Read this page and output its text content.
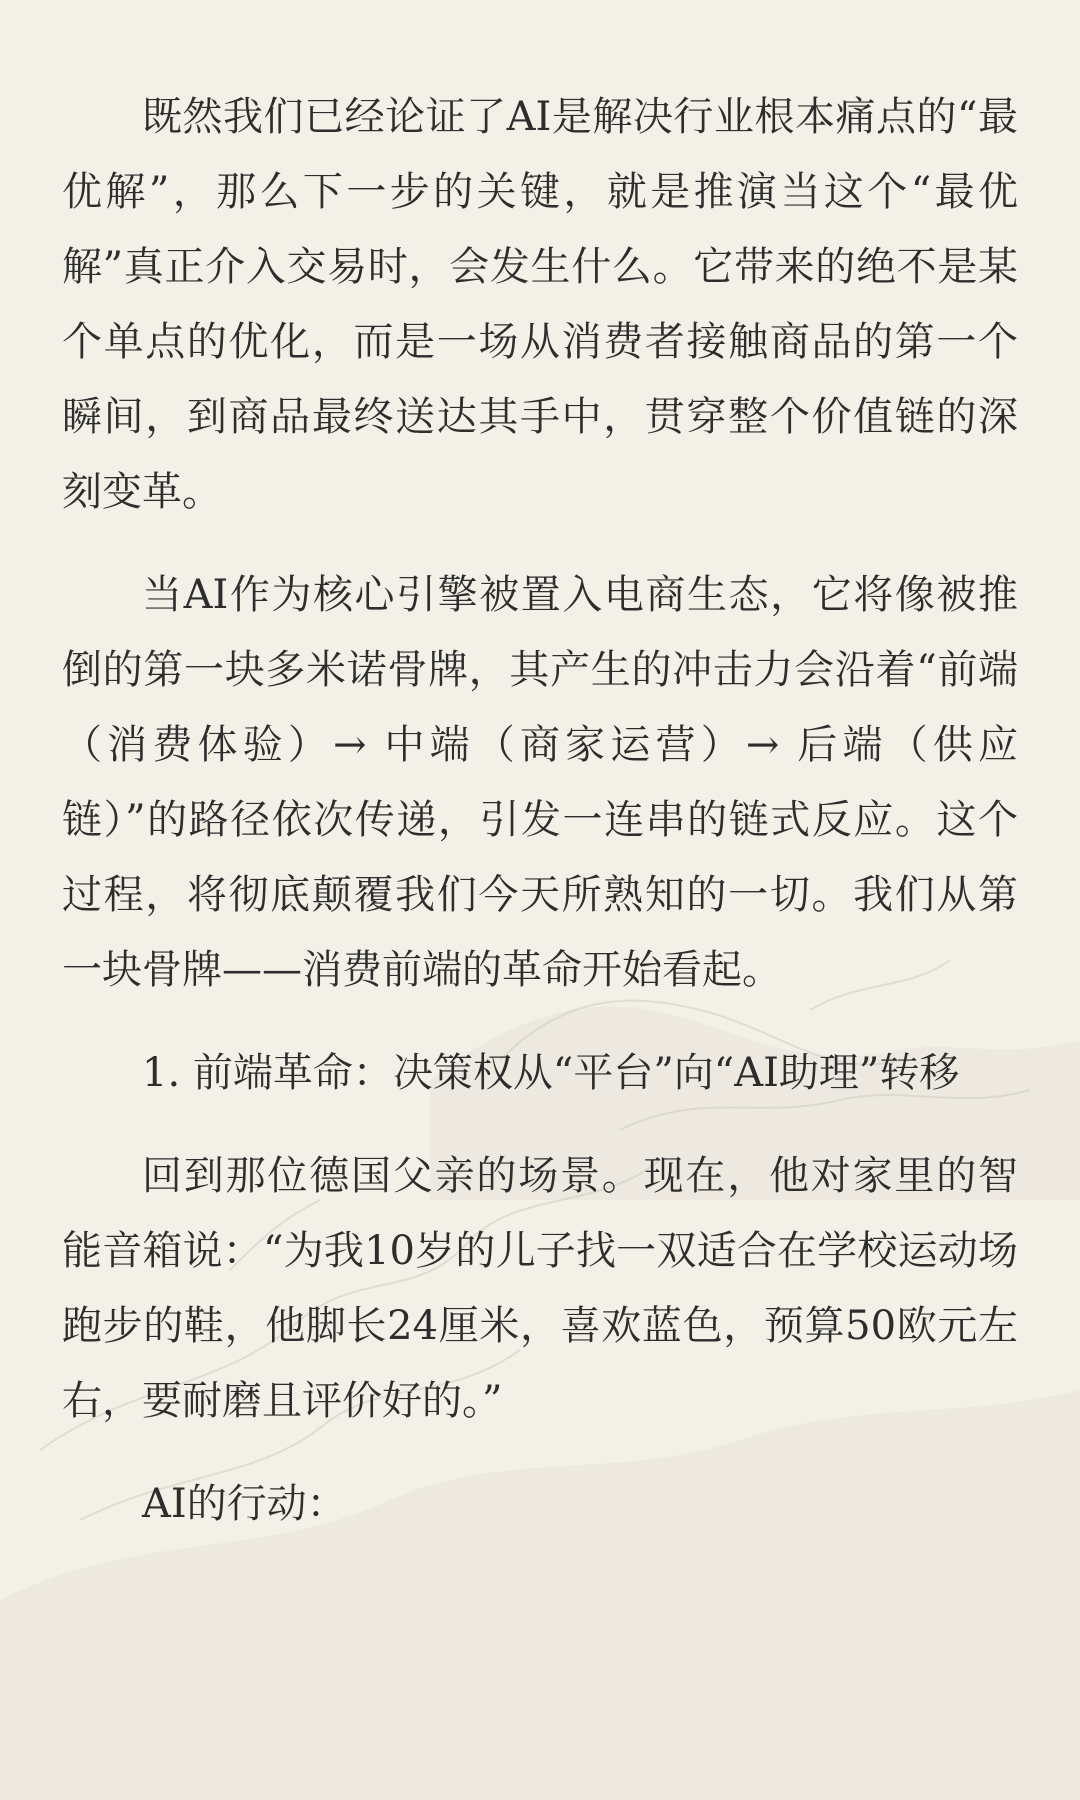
既然我们已经论证了AI是解决行业根本痛点的“最优解”，那么下一步的关键，就是推演当这个“最优解”真正介入交易时，会发生什么。它带来的绝不是某个单点的优化，而是一场从消费者接触商品的第一个瞬间，到商品最终送达其手中，贯穿整个价值链的深刻变革。

当AI作为核心引擎被置入电商生态，它将像被推倒的第一块多米诺骨牌，其产生的冲击力会沿着“前端（消费体验）→ 中端（商家运营）→ 后端（供应链）”的路径依次传递，引发一连串的链式反应。这个过程，将彻底颠覆我们今天所熟知的一切。我们从第一块骨牌——消费前端的革命开始看起。

1. 前端革命：决策权从“平台”向“AI助理”转移

回到那位德国父亲的场景。现在，他对家里的智能音箱说：“为我10岁的儿子找一双适合在学校运动场跑步的鞋，他脚长24厘米，喜欢蓝色，预算50欧元左右，要耐磨且评价好的。”

AI的行动：
